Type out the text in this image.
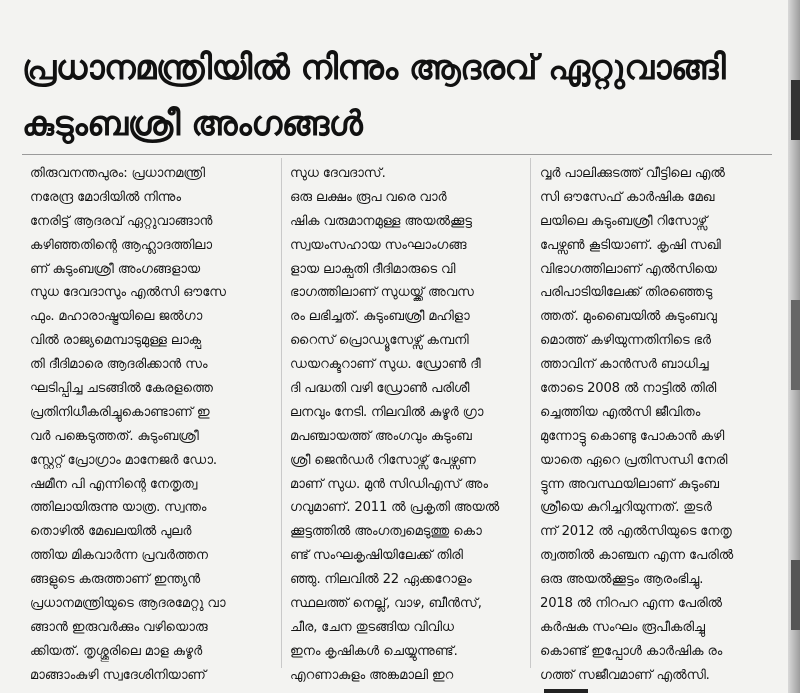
പ്രധാനമന്ത്രിയിൽ നിന്നും ആദരവ് ഏറ്റുവാങ്ങി
കുടുംബശ്രീ അംഗങ്ങൾ
തിരുവനന്തപുരം: പ്രധാനമന്ത്രി
നരേന്ദ്ര മോദിയിൽ നിന്നും
നേരിട്ട് ആദരവ് ഏറ്റുവാങ്ങാൻ
കഴിഞ്ഞതിന്റെ ആഹ്ലാദത്തിലാ
ണ് കുടുംബശ്രീ അംഗങ്ങളായ
സുധ ദേവദാസും എൽസി ഔസേ
ഫും. മഹാരാഷ്ട്രയിലെ ജൽഗാ
വിൽ രാജ്യമെമ്പാടുമുള്ള ലാക്പ
തി ദീദിമാരെ ആദരിക്കാൻ സം
ഘടിപ്പിച്ച ചടങ്ങിൽ കേരളത്തെ
പ്രതിനിധീകരിച്ചുകൊണ്ടാണ് ഇ
വർ പങ്കെടുത്തത്. കുടുംബശ്രീ
സ്റ്റേറ്റ് പ്രോഗ്രാം മാനേജർ ഡോ.
ഷമീന പി എന്നിന്റെ നേതൃത്വ
ത്തിലായിരുന്നു യാത്ര. സ്വന്തം
തൊഴിൽ മേഖലയിൽ പുലർ
ത്തിയ മികവാർന്ന പ്രവർത്തന
ങ്ങളുടെ കരുത്താണ് ഇന്ത്യൻ
പ്രധാനമന്ത്രിയുടെ ആദരമേറ്റു വാ
ങ്ങാൻ ഇരുവർക്കും വഴിയൊരു
ക്കിയത്. തൃശ്ശൂരിലെ മാള കുഴൂർ
മാങ്ങാംകുഴി സ്വദേശിനിയാണ്
സുധ ദേവദാസ്.
ഒരു ലക്ഷം രൂപ വരെ വാർ
ഷിക വരുമാനമുള്ള അയൽക്കൂട്ട
സ്വയംസഹായ സംഘാംഗങ്ങ
ളായ ലാക്പതി ദീദിമാരുടെ വി
ഭാഗത്തിലാണ് സുധയ്ക്ക് അവസ
രം ലഭിച്ചത്. കുടുംബശ്രീ മഹിളാ
റൈസ് പ്രൊഡ്യൂസേഴ്സ് കമ്പനി
ഡയറക്ടറാണ് സുധ. ഡ്രോൺ ദീ
ദി പദ്ധതി വഴി ഡ്രോൺ പരിശീ
ലനവും നേടി. നിലവിൽ കുഴൂർ ഗ്രാ
മപഞ്ചായത്ത് അംഗവും കുടുംബ
ശ്രീ ജെൻഡർ റിസോഴ്സ് പേഴ്സണ
മാണ് സുധ. മുൻ സിഡിഎസ് അം
ഗവുമാണ്. 2011 ൽ പ്രകൃതി അയൽ
ക്കൂട്ടത്തിൽ അംഗത്വമെടുത്തു കൊ
ണ്ട് സംഘകൃഷിയിലേക്ക് തിരി
ഞ്ഞു. നിലവിൽ 22 ഏക്കറോളം
സ്ഥലത്ത് നെല്ല്, വാഴ, ബീൻസ്,
ചീര, ചേന തുടങ്ങിയ വിവിധ
ഇനം കൃഷികൾ ചെയ്യുന്നുണ്ട്.
എറണാകുളം അങ്കമാലി ഇറ
വ്വർ പാലിക്കുടത്ത് വീട്ടിലെ എൽ
സി ഔസേഫ് കാർഷിക മേഖ
ലയിലെ കുടുംബശ്രീ റിസോഴ്സ്
പേഴ്സൺ കൂടിയാണ്. കൃഷി സഖി
വിഭാഗത്തിലാണ് എൽസിയെ
പരിപാടിയിലേക്ക് തിരഞ്ഞെടു
ത്തത്. മുംബൈയിൽ കുടുംബവു
മൊത്ത് കഴിയുന്നതിനിടെ ഭർ
ത്താവിന് കാൻസർ ബാധിച്ച
തോടെ 2008 ൽ നാട്ടിൽ തിരി
ച്ചെത്തിയ എൽസി ജീവിതം
മുന്നോട്ടു കൊണ്ടു പോകാൻ കഴി
യാതെ ഏറെ പ്രതിസന്ധി നേരി
ട്ടുന്ന അവസ്ഥയിലാണ് കുടുംബ
ശ്രീയെ കുറിച്ചറിയുന്നത്. തുടർ
ന്ന് 2012 ൽ എൽസിയുടെ നേതൃ
ത്വത്തിൽ കാഞ്ചന എന്ന പേരിൽ
ഒരു അയൽക്കൂട്ടം ആരംഭിച്ചു.
2018 ൽ നിറപറ എന്ന പേരിൽ
കർഷക സംഘം രൂപീകരിച്ചു
കൊണ്ട് ഇപ്പോൾ കാർഷിക രം
ഗത്ത് സജീവമാണ് എൽസി.
